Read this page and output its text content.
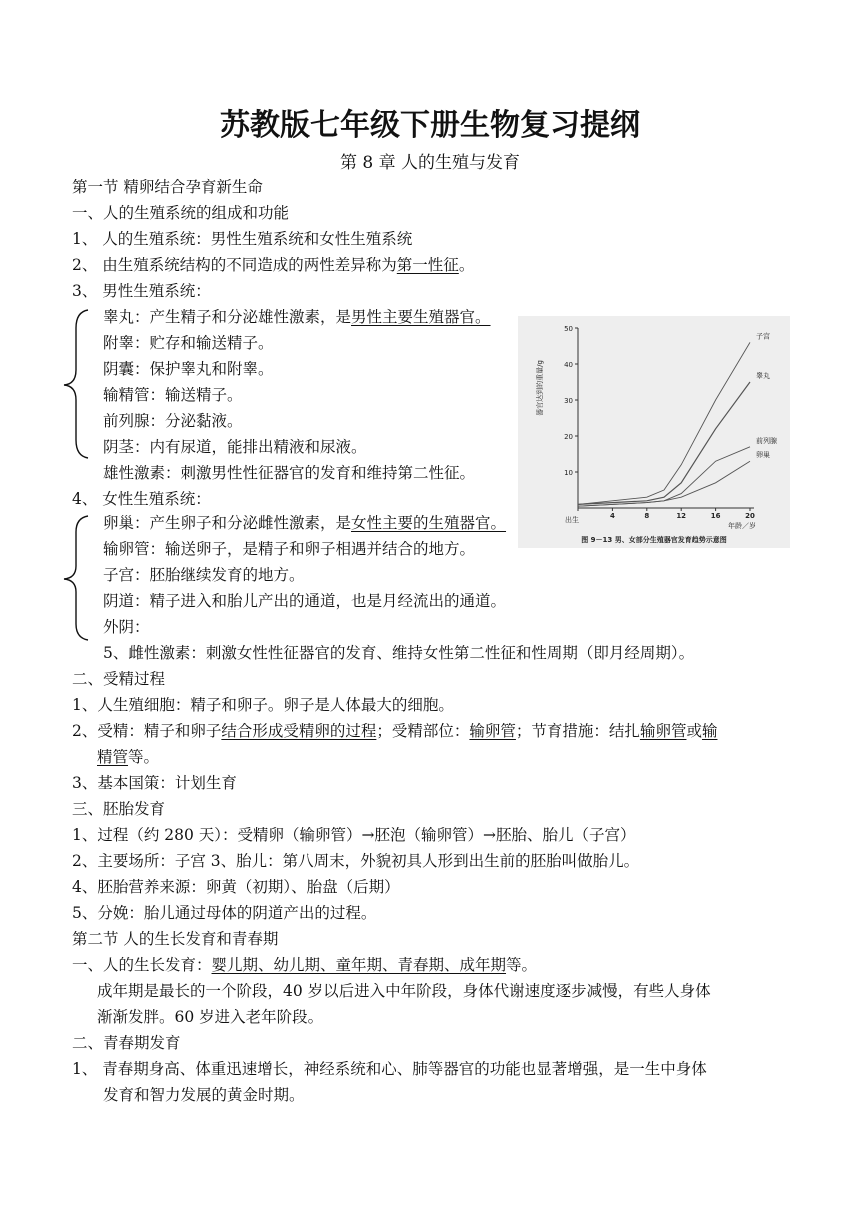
苏教版七年级下册生物复习提纲
第 8 章 人的生殖与发育
第一节 精卵结合孕育新生命
一、人的生殖系统的组成和功能
1、 人的生殖系统：男性生殖系统和女性生殖系统
2、 由生殖系统结构的不同造成的两性差异称为第一性征。
3、 男性生殖系统：
睾丸：产生精子和分泌雄性激素，是男性主要生殖器官。
附睾：贮存和输送精子。
阴囊：保护睾丸和附睾。
输精管：输送精子。
前列腺：分泌黏液。
阴茎：内有尿道，能排出精液和尿液。
雄性激素：刺激男性性征器官的发育和维持第二性征。
4、 女性生殖系统：
卵巢：产生卵子和分泌雌性激素，是女性主要的生殖器官。
输卵管：输送卵子，是精子和卵子相遇并结合的地方。
子宫：胚胎继续发育的地方。
阴道：精子进入和胎儿产出的通道，也是月经流出的通道。
外阴：
5、雌性激素：刺激女性性征器官的发育、维持女性第二性征和性周期（即月经周期）。
二、受精过程
1、人生殖细胞：精子和卵子。卵子是人体最大的细胞。
2、受精：精子和卵子结合形成受精卵的过程；受精部位：输卵管；节育措施：结扎输卵管或输
精管等。
3、基本国策：计划生育
三、胚胎发育
1、过程（约 280 天）：受精卵（输卵管）→胚泡（输卵管）→胚胎、胎儿（子宫）
2、主要场所：子宫 3、胎儿：第八周末，外貌初具人形到出生前的胚胎叫做胎儿。
4、胚胎营养来源：卵黄（初期）、胎盘（后期）
5、分娩：胎儿通过母体的阴道产出的过程。
第二节 人的生长发育和青春期
一、人的生长发育：婴儿期、幼儿期、童年期、青春期、成年期等。
成年期是最长的一个阶段，40 岁以后进入中年阶段，身体代谢速度逐步减慢，有些人身体
渐渐发胖。60 岁进入老年阶段。
二、青春期发育
1、 青春期身高、体重迅速增长，神经系统和心、肺等器官的功能也显著增强，是一生中身体
发育和智力发展的黄金时期。
10
20
30
40
50
出生	4	8	12	16	20
年龄／岁
器官达到的重量/g
子宫
睾丸
前列腺
卵巢
图 9－13 男、女部分生殖器官发育趋势示意图
